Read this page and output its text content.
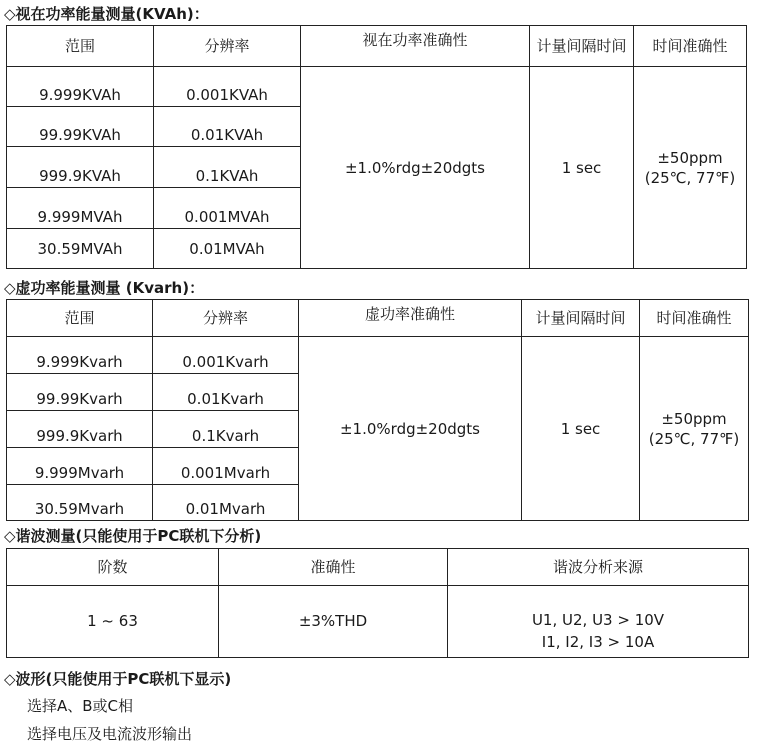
◇视在功率能量测量(KVAh)：
范围	分辨率	视在功率准确性	计量间隔时间	时间准确性
9.999KVAh	0.001KVAh	±1.0%rdg±20dgts	1 sec	±50ppm
(25℃, 77℉)

99.99KVAh	0.01KVAh			
999.9KVAh	0.1KVAh			
9.999MVAh	0.001MVAh			
30.59MVAh	0.01MVAh			
◇虚功率能量测量 (Kvarh)：
范围	分辨率	虚功率准确性	计量间隔时间	时间准确性
9.999Kvarh	0.001Kvarh	±1.0%rdg±20dgts	1 sec	±50ppm
(25℃, 77℉)

99.99Kvarh	0.01Kvarh			
999.9Kvarh	0.1Kvarh			
9.999Mvarh	0.001Mvarh			
30.59Mvarh	0.01Mvarh			
◇谐波测量(只能使用于PC联机下分析)
阶数	准确性	谐波分析来源
1 ~ 63	±3%THD	U1, U2, U3 > 10V
I1, I2, I3 > 10A
◇波形(只能使用于PC联机下显示)
选择A、B或C相
选择电压及电流波形输出
